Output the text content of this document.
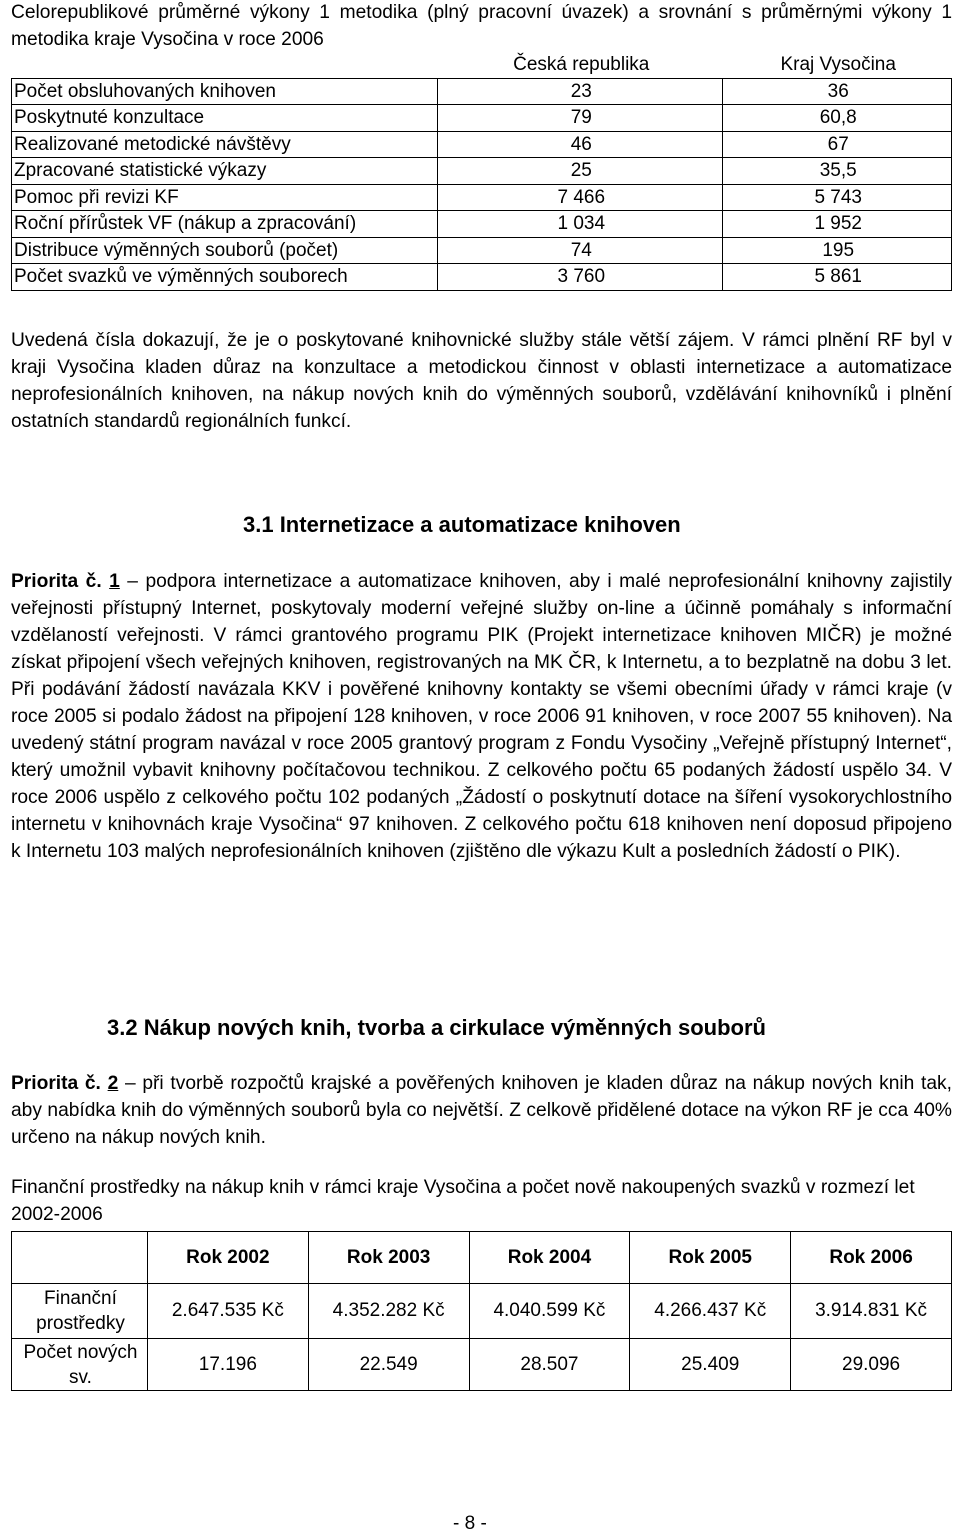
Celorepublikové průměrné výkony 1 metodika (plný pracovní úvazek) a srovnání s průměrnými výkony 1 metodika kraje Vysočina v roce 2006

	Česká republika	Kraj Vysočina
Počet obsluhovaných knihoven	23	36
Poskytnuté konzultace	79	60,8
Realizované metodické návštěvy	46	67
Zpracované statistické výkazy	25	35,5
Pomoc při revizi KF	7 466	5 743
Roční přírůstek VF (nákup a zpracování)	1 034	1 952
Distribuce výměnných souborů (počet)	74	195
Počet svazků ve výměnných souborech	3 760	5 861

Uvedená čísla dokazují, že je o poskytované knihovnické služby stále větší zájem. V rámci plnění RF byl v kraji Vysočina kladen důraz na konzultace a metodickou činnost v oblasti internetizace a automatizace neprofesionálních knihoven, na nákup nových knih do výměnných souborů, vzdělávání knihovníků i plnění ostatních standardů regionálních funkcí.

3.1 Internetizace a automatizace knihoven

Priorita č. 1 – podpora internetizace a automatizace knihoven, aby i malé neprofesionální knihovny zajistily veřejnosti přístupný Internet, poskytovaly moderní veřejné služby on-line a účinně pomáhaly s informační vzdělaností veřejnosti. V rámci grantového programu PIK (Projekt internetizace knihoven MIČR) je možné získat připojení všech veřejných knihoven, registrovaných na MK ČR, k Internetu, a to bezplatně na dobu 3 let. Při podávání žádostí navázala KKV i pověřené knihovny kontakty se všemi obecními úřady v rámci kraje (v roce 2005 si podalo žádost na připojení 128 knihoven, v roce 2006 91 knihoven, v roce 2007 55 knihoven). Na uvedený státní program navázal v roce 2005 grantový program z Fondu Vysočiny „Veřejně přístupný Internet“, který umožnil vybavit knihovny počítačovou technikou. Z celkového počtu 65 podaných žádostí uspělo 34. V roce 2006 uspělo z celkového počtu 102 podaných „Žádostí o poskytnutí dotace na šíření vysokorychlostního internetu v knihovnách kraje Vysočina“ 97 knihoven. Z celkového počtu 618 knihoven není doposud připojeno k Internetu 103 malých neprofesionálních knihoven (zjištěno dle výkazu Kult a posledních žádostí o PIK).

3.2 Nákup nových knih, tvorba a cirkulace výměnných souborů

Priorita č. 2 – při tvorbě rozpočtů krajské a pověřených knihoven je kladen důraz na nákup nových knih tak, aby nabídka knih do výměnných souborů byla co největší. Z celkově přidělené dotace na výkon RF je cca 40% určeno na nákup nových knih.

Finanční prostředky na nákup knih v rámci kraje Vysočina a počet nově nakoupených svazků v rozmezí let 2002-2006

	Rok 2002	Rok 2003	Rok 2004	Rok 2005	Rok 2006
Finanční prostředky	2.647.535 Kč	4.352.282 Kč	4.040.599 Kč	4.266.437 Kč	3.914.831 Kč
Počet nových sv.	17.196	22.549	28.507	25.409	29.096
- 8 -
